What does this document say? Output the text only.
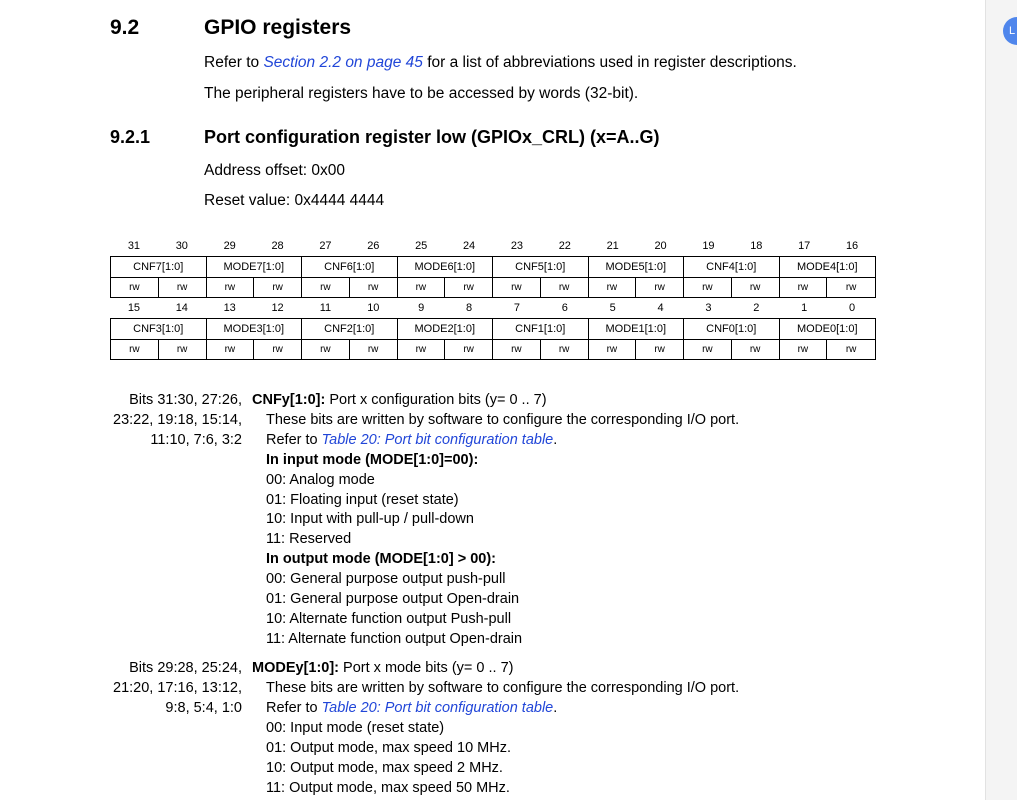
9.2	GPIO registers
Refer to Section 2.2 on page 45 for a list of abbreviations used in register descriptions.
The peripheral registers have to be accessed by words (32-bit).
9.2.1	Port configuration register low (GPIOx_CRL) (x=A..G)
Address offset: 0x00
Reset value: 0x4444 4444
31	30	29	28	27	26	25	24	23	22	21	20	19	18	17	16
CNF7[1:0]	MODE7[1:0]	CNF6[1:0]	MODE6[1:0]	CNF5[1:0]	MODE5[1:0]	CNF4[1:0]	MODE4[1:0]
rw	rw	rw	rw	rw	rw	rw	rw	rw	rw	rw	rw	rw	rw	rw	rw
15	14	13	12	11	10	9	8	7	6	5	4	3	2	1	0
CNF3[1:0]	MODE3[1:0]	CNF2[1:0]	MODE2[1:0]	CNF1[1:0]	MODE1[1:0]	CNF0[1:0]	MODE0[1:0]
rw	rw	rw	rw	rw	rw	rw	rw	rw	rw	rw	rw	rw	rw	rw	rw
Bits 31:30, 27:26,
23:22, 19:18, 15:14,
11:10, 7:6, 3:2
CNFy[1:0]: Port x configuration bits (y= 0 .. 7)
These bits are written by software to configure the corresponding I/O port.
Refer to Table 20: Port bit configuration table.
In input mode (MODE[1:0]=00):
00: Analog mode
01: Floating input (reset state)
10: Input with pull-up / pull-down
11: Reserved
In output mode (MODE[1:0] > 00):
00: General purpose output push-pull
01: General purpose output Open-drain
10: Alternate function output Push-pull
11: Alternate function output Open-drain
Bits 29:28, 25:24,
21:20, 17:16, 13:12,
9:8, 5:4, 1:0
MODEy[1:0]: Port x mode bits (y= 0 .. 7)
These bits are written by software to configure the corresponding I/O port.
Refer to Table 20: Port bit configuration table.
00: Input mode (reset state)
01: Output mode, max speed 10 MHz.
10: Output mode, max speed 2 MHz.
11: Output mode, max speed 50 MHz.
L
